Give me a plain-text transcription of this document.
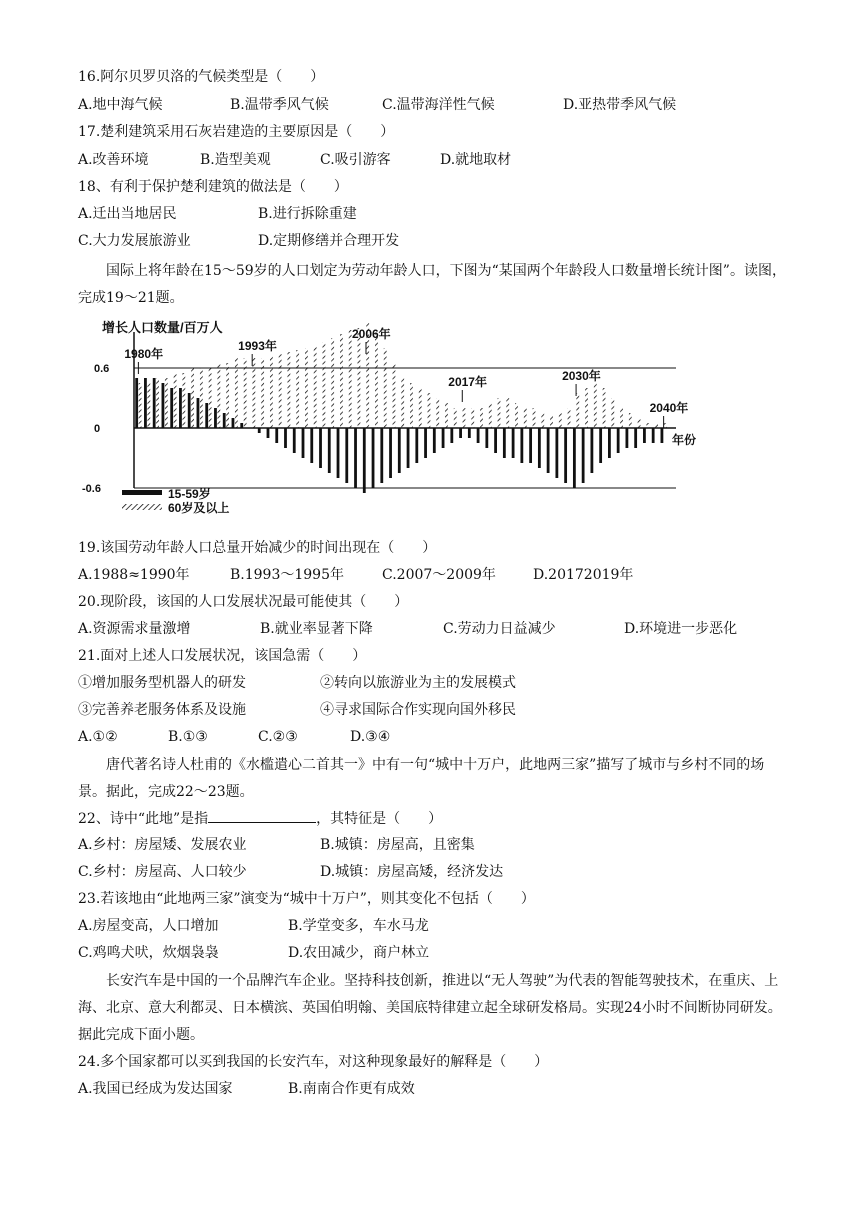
16.阿尔贝罗贝洛的气候类型是（　　）
A.地中海气候	B.温带季风气候	C.温带海洋性气候	D.亚热带季风气候
17.楚利建筑采用石灰岩建造的主要原因是（　　）
A.改善环境	B.造型美观	C.吸引游客	D.就地取材
18、有利于保护楚利建筑的做法是（　　）
A.迁出当地居民	B.进行拆除重建
C.大力发展旅游业	D.定期修缮并合理开发
国际上将年龄在15～59岁的人口划定为劳动年龄人口，下图为“某国两个年龄段人口数量增长统计图”。读图，完成19～21题。
增长人口数量/百万人
0.6
0
-0.6
年份
1980年
1993年
2006年
2017年	2030年
2040年
15-59岁
60岁及以上
19.该国劳动年龄人口总量开始减少的时间出现在（　　）
A.1988≈1990年	B.1993～1995年	C.2007～2009年	D.20172019年
20.现阶段，该国的人口发展状况最可能使其（　　）
A.资源需求量激增	B.就业率显著下降	C.劳动力日益减少	D.环境进一步恶化
21.面对上述人口发展状况，该国急需（　　）
①增加服务型机器人的研发	②转向以旅游业为主的发展模式
③完善养老服务体系及设施	④寻求国际合作实现向国外移民
A.①②	B.①③	C.②③	D.③④
唐代著名诗人杜甫的《水槛遣心二首其一》中有一句“城中十万户，此地两三家”描写了城市与乡村不同的场景。据此，完成22～23题。
22、诗中“此地”是指	，其特征是（　　）
A.乡村：房屋矮、发展农业	B.城镇：房屋高，且密集
C.乡村：房屋高、人口较少	D.城镇：房屋高矮，经济发达
23.若该地由“此地两三家”演变为“城中十万户”，则其变化不包括（　　）
A.房屋变高，人口增加	B.学堂变多，车水马龙
C.鸡鸣犬吠，炊烟袅袅	D.农田减少，商户林立
长安汽车是中国的一个品牌汽车企业。坚持科技创新，推进以“无人驾驶”为代表的智能驾驶技术，在重庆、上海、北京、意大利都灵、日本横滨、英国伯明翰、美国底特律建立起全球研发格局。实现24小时不间断协同研发。据此完成下面小题。
24.多个国家都可以买到我国的长安汽车，对这种现象最好的解释是（　　）
A.我国已经成为发达国家	B.南南合作更有成效
